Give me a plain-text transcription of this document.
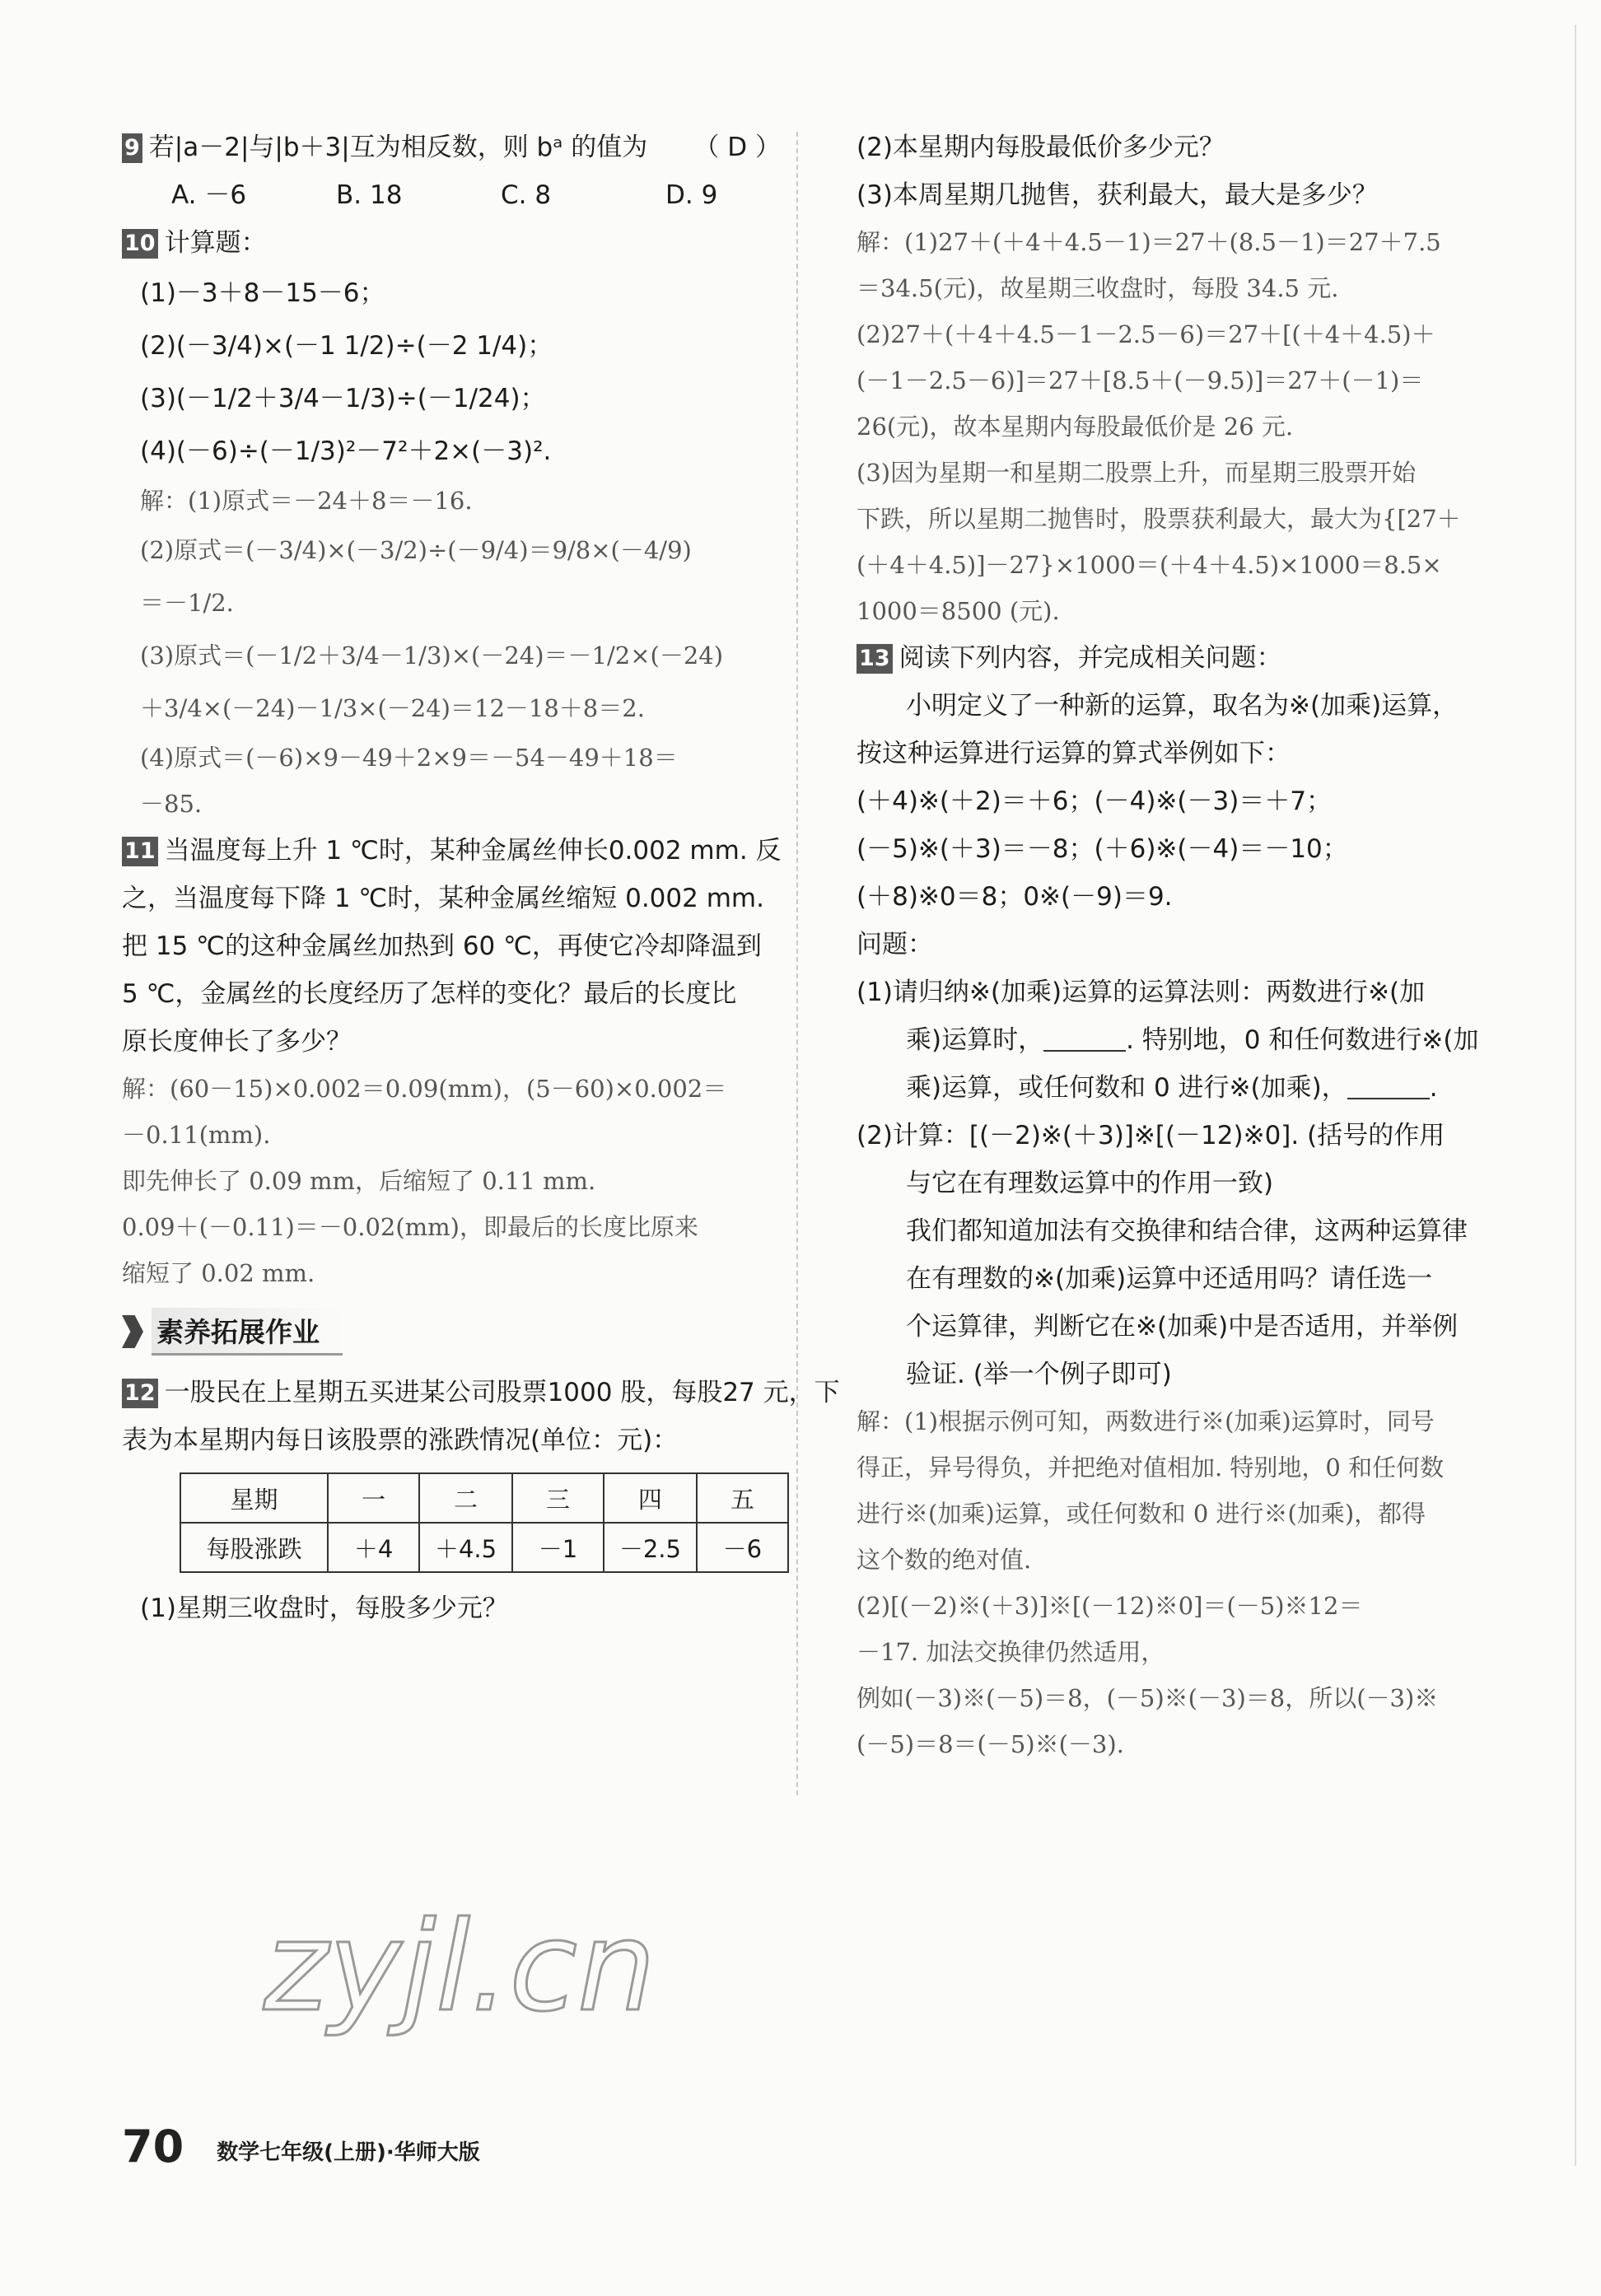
9 若|a－2|与|b＋3|互为相反数，则 bᵃ 的值为 （ D ）
A. －6	B. 18	C. 8	D. 9
10 计算题：
(1)－3＋8－15－6；
(2)(－3/4)×(－1 1/2)÷(－2 1/4)；
(3)(－1/2＋3/4－1/3)÷(－1/24)；
(4)(－6)÷(－1/3)²－7²＋2×(－3)².
解：(1)原式＝－24＋8＝－16.
(2)原式＝(－3/4)×(－3/2)÷(－9/4)＝9/8×(－4/9)
＝－1/2.
(3)原式＝(－1/2＋3/4－1/3)×(－24)＝－1/2×(－24)
＋3/4×(－24)－1/3×(－24)＝12－18＋8＝2.
(4)原式＝(－6)×9－49＋2×9＝－54－49＋18＝
－85.
11 当温度每上升 1 ℃时，某种金属丝伸长0.002 mm. 反
之，当温度每下降 1 ℃时，某种金属丝缩短 0.002 mm.
把 15 ℃的这种金属丝加热到 60 ℃，再使它冷却降温到
5 ℃，金属丝的长度经历了怎样的变化？最后的长度比
原长度伸长了多少？
解：(60－15)×0.002＝0.09(mm)，(5－60)×0.002＝
－0.11(mm).
即先伸长了 0.09 mm，后缩短了 0.11 mm.
0.09＋(－0.11)＝－0.02(mm)，即最后的长度比原来
缩短了 0.02 mm.
素养拓展作业
12 一股民在上星期五买进某公司股票1000 股，每股27 元，下
表为本星期内每日该股票的涨跌情况(单位：元)：
星期	一	二	三	四	五
每股涨跌	＋4	＋4.5	－1	－2.5	－6
(1)星期三收盘时，每股多少元？
(2)本星期内每股最低价多少元？
(3)本周星期几抛售，获利最大，最大是多少？
解：(1)27＋(＋4＋4.5－1)＝27＋(8.5－1)＝27＋7.5
＝34.5(元)，故星期三收盘时，每股 34.5 元.
(2)27＋(＋4＋4.5－1－2.5－6)＝27＋[(＋4＋4.5)＋
(－1－2.5－6)]＝27＋[8.5＋(－9.5)]＝27＋(－1)＝
26(元)，故本星期内每股最低价是 26 元.
(3)因为星期一和星期二股票上升，而星期三股票开始
下跌，所以星期二抛售时，股票获利最大，最大为{[27＋
(＋4＋4.5)]－27}×1000＝(＋4＋4.5)×1000＝8.5×
1000＝8500 (元).
13 阅读下列内容，并完成相关问题：
小明定义了一种新的运算，取名为※(加乘)运算，
按这种运算进行运算的算式举例如下：
(＋4)※(＋2)＝＋6；(－4)※(－3)＝＋7；
(－5)※(＋3)＝－8；(＋6)※(－4)＝－10；
(＋8)※0＝8；0※(－9)＝9.
问题：
(1)请归纳※(加乘)运算的运算法则：两数进行※(加
乘)运算时，	. 特别地，0 和任何数进行※(加
乘)运算，或任何数和 0 进行※(加乘)，	.
(2)计算：[(－2)※(＋3)]※[(－12)※0]. (括号的作用
与它在有理数运算中的作用一致)
我们都知道加法有交换律和结合律，这两种运算律
在有理数的※(加乘)运算中还适用吗？请任选一
个运算律，判断它在※(加乘)中是否适用，并举例
验证. (举一个例子即可)
解：(1)根据示例可知，两数进行※(加乘)运算时，同号
得正，异号得负，并把绝对值相加. 特别地，0 和任何数
进行※(加乘)运算，或任何数和 0 进行※(加乘)，都得
这个数的绝对值.
(2)[(－2)※(＋3)]※[(－12)※0]＝(－5)※12＝
－17. 加法交换律仍然适用，
例如(－3)※(－5)＝8，(－5)※(－3)＝8，所以(－3)※
(－5)＝8＝(－5)※(－3).
zyjl.cn
70 数学七年级(上册)·华师大版
